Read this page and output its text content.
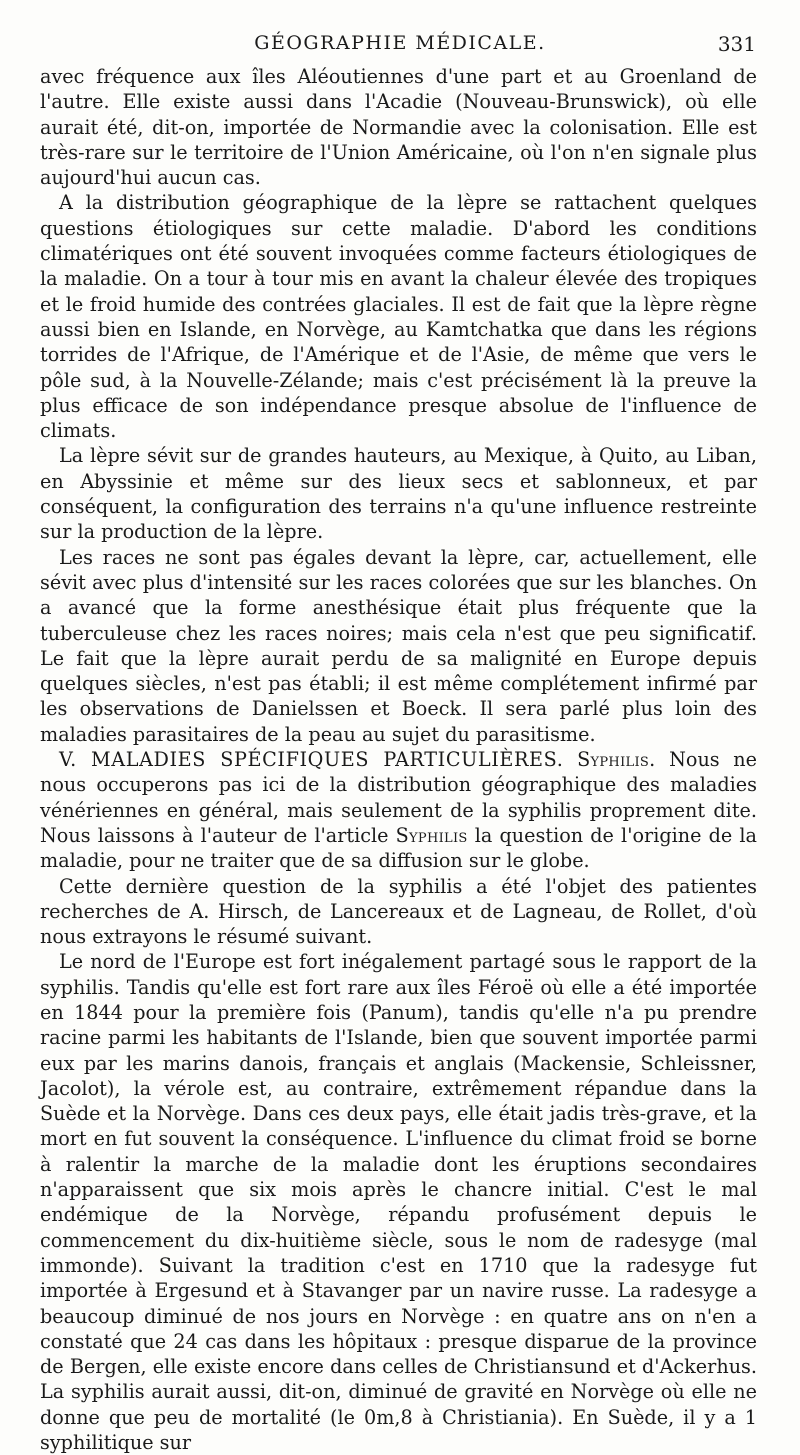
GÉOGRAPHIE MÉDICALE.	331

avec fréquence aux îles Aléoutiennes d'une part et au Groenland de l'autre. Elle existe aussi dans l'Acadie (Nouveau-Brunswick), où elle aurait été, dit-on, importée de Normandie avec la colonisation. Elle est très-rare sur le territoire de l'Union Américaine, où l'on n'en signale plus aujourd'hui aucun cas.

A la distribution géographique de la lèpre se rattachent quelques questions étiologiques sur cette maladie. D'abord les conditions climatériques ont été souvent invoquées comme facteurs étiologiques de la maladie. On a tour à tour mis en avant la chaleur élevée des tropiques et le froid humide des contrées glaciales. Il est de fait que la lèpre règne aussi bien en Islande, en Norvège, au Kamtchatka que dans les régions torrides de l'Afrique, de l'Amérique et de l'Asie, de même que vers le pôle sud, à la Nouvelle-Zélande; mais c'est précisément là la preuve la plus efficace de son indépendance presque absolue de l'influence de climats.

La lèpre sévit sur de grandes hauteurs, au Mexique, à Quito, au Liban, en Abyssinie et même sur des lieux secs et sablonneux, et par conséquent, la configuration des terrains n'a qu'une influence restreinte sur la production de la lèpre.

Les races ne sont pas égales devant la lèpre, car, actuellement, elle sévit avec plus d'intensité sur les races colorées que sur les blanches. On a avancé que la forme anesthésique était plus fréquente que la tuberculeuse chez les races noires; mais cela n'est que peu significatif. Le fait que la lèpre aurait perdu de sa malignité en Europe depuis quelques siècles, n'est pas établi; il est même complétement infirmé par les observations de Danielssen et Boeck. Il sera parlé plus loin des maladies parasitaires de la peau au sujet du parasitisme.

V. MALADIES SPÉCIFIQUES PARTICULIÈRES. Syphilis. Nous ne nous occuperons pas ici de la distribution géographique des maladies vénériennes en général, mais seulement de la syphilis proprement dite. Nous laissons à l'auteur de l'article Syphilis la question de l'origine de la maladie, pour ne traiter que de sa diffusion sur le globe.

Cette dernière question de la syphilis a été l'objet des patientes recherches de A. Hirsch, de Lancereaux et de Lagneau, de Rollet, d'où nous extrayons le résumé suivant.

Le nord de l'Europe est fort inégalement partagé sous le rapport de la syphilis. Tandis qu'elle est fort rare aux îles Féroë où elle a été importée en 1844 pour la première fois (Panum), tandis qu'elle n'a pu prendre racine parmi les habitants de l'Islande, bien que souvent importée parmi eux par les marins danois, français et anglais (Mackensie, Schleissner, Jacolot), la vérole est, au contraire, extrêmement répandue dans la Suède et la Norvège. Dans ces deux pays, elle était jadis très-grave, et la mort en fut souvent la conséquence. L'influence du climat froid se borne à ralentir la marche de la maladie dont les éruptions secondaires n'apparaissent que six mois après le chancre initial. C'est le mal endémique de la Norvège, répandu profusément depuis le commencement du dix-huitième siècle, sous le nom de radesyge (mal immonde). Suivant la tradition c'est en 1710 que la radesyge fut importée à Ergesund et à Stavanger par un navire russe. La radesyge a beaucoup diminué de nos jours en Norvège : en quatre ans on n'en a constaté que 24 cas dans les hôpitaux : presque disparue de la province de Bergen, elle existe encore dans celles de Christiansund et d'Ackerhus. La syphilis aurait aussi, dit-on, diminué de gravité en Norvège où elle ne donne que peu de mortalité (le 0m,8 à Christiania). En Suède, il y a 1 syphilitique sur
